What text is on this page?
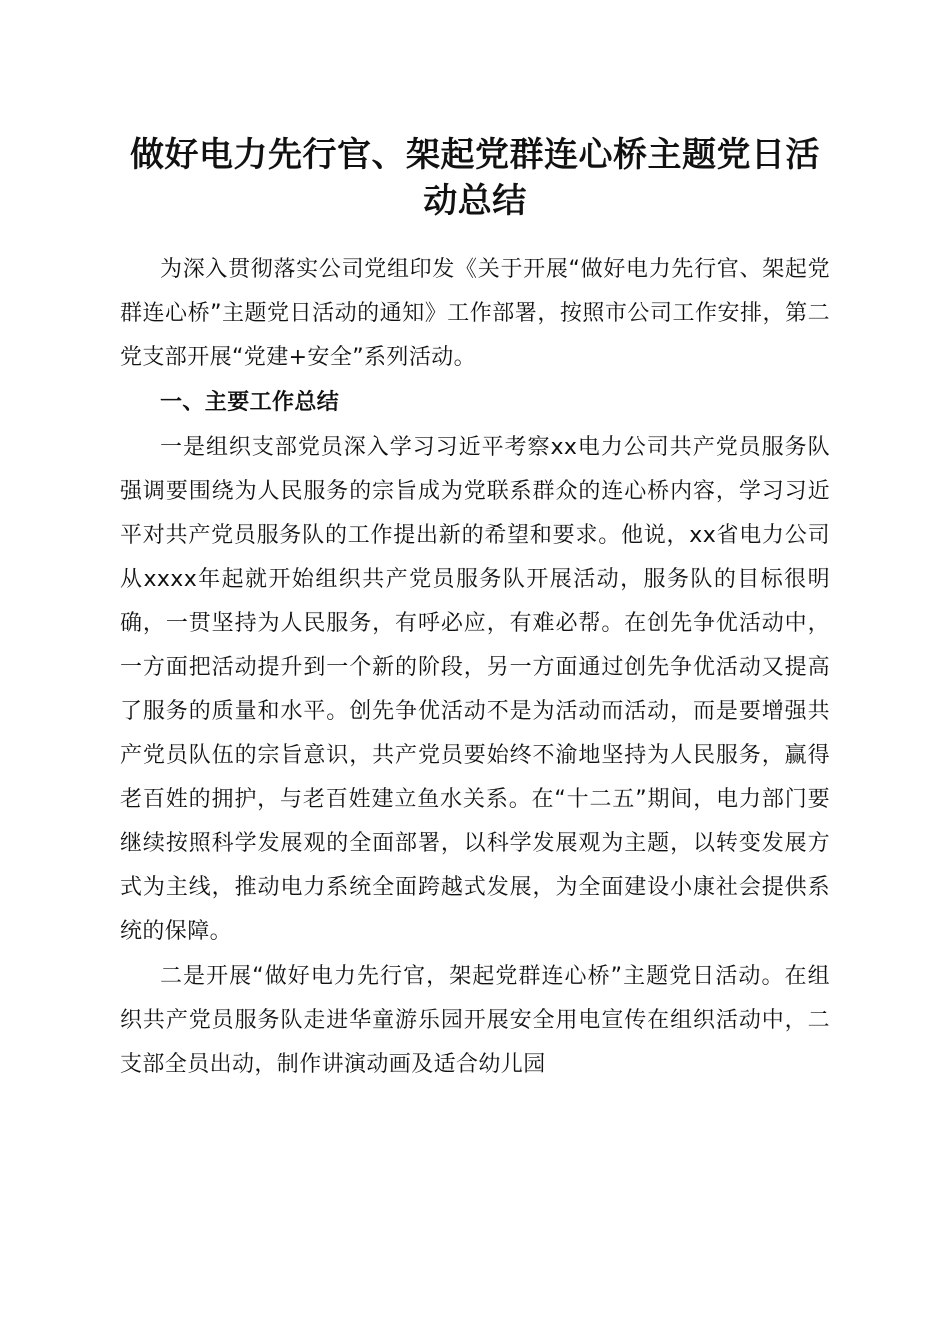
做好电力先行官、架起党群连心桥主题党日活
动总结

为深入贯彻落实公司党组印发《关于开展“做好电力先行官、架起党群连心桥”主题党日活动的通知》工作部署，按照市公司工作安排，第二党支部开展“党建+安全”系列活动。

一、主要工作总结

一是组织支部党员深入学习习近平考察xx电力公司共产党员服务队强调要围绕为人民服务的宗旨成为党联系群众的连心桥内容，学习习近平对共产党员服务队的工作提出新的希望和要求。他说，xx省电力公司从xxxx年起就开始组织共产党员服务队开展活动，服务队的目标很明确，一贯坚持为人民服务，有呼必应，有难必帮。在创先争优活动中，一方面把活动提升到一个新的阶段，另一方面通过创先争优活动又提高了服务的质量和水平。创先争优活动不是为活动而活动，而是要增强共产党员队伍的宗旨意识，共产党员要始终不渝地坚持为人民服务，赢得老百姓的拥护，与老百姓建立鱼水关系。在“十二五”期间，电力部门要继续按照科学发展观的全面部署，以科学发展观为主题，以转变发展方式为主线，推动电力系统全面跨越式发展，为全面建设小康社会提供系统的保障。

二是开展“做好电力先行官，架起党群连心桥”主题党日活动。在组织共产党员服务队走进华童游乐园开展安全用电宣传在组织活动中，二支部全员出动，制作讲演动画及适合幼儿园
